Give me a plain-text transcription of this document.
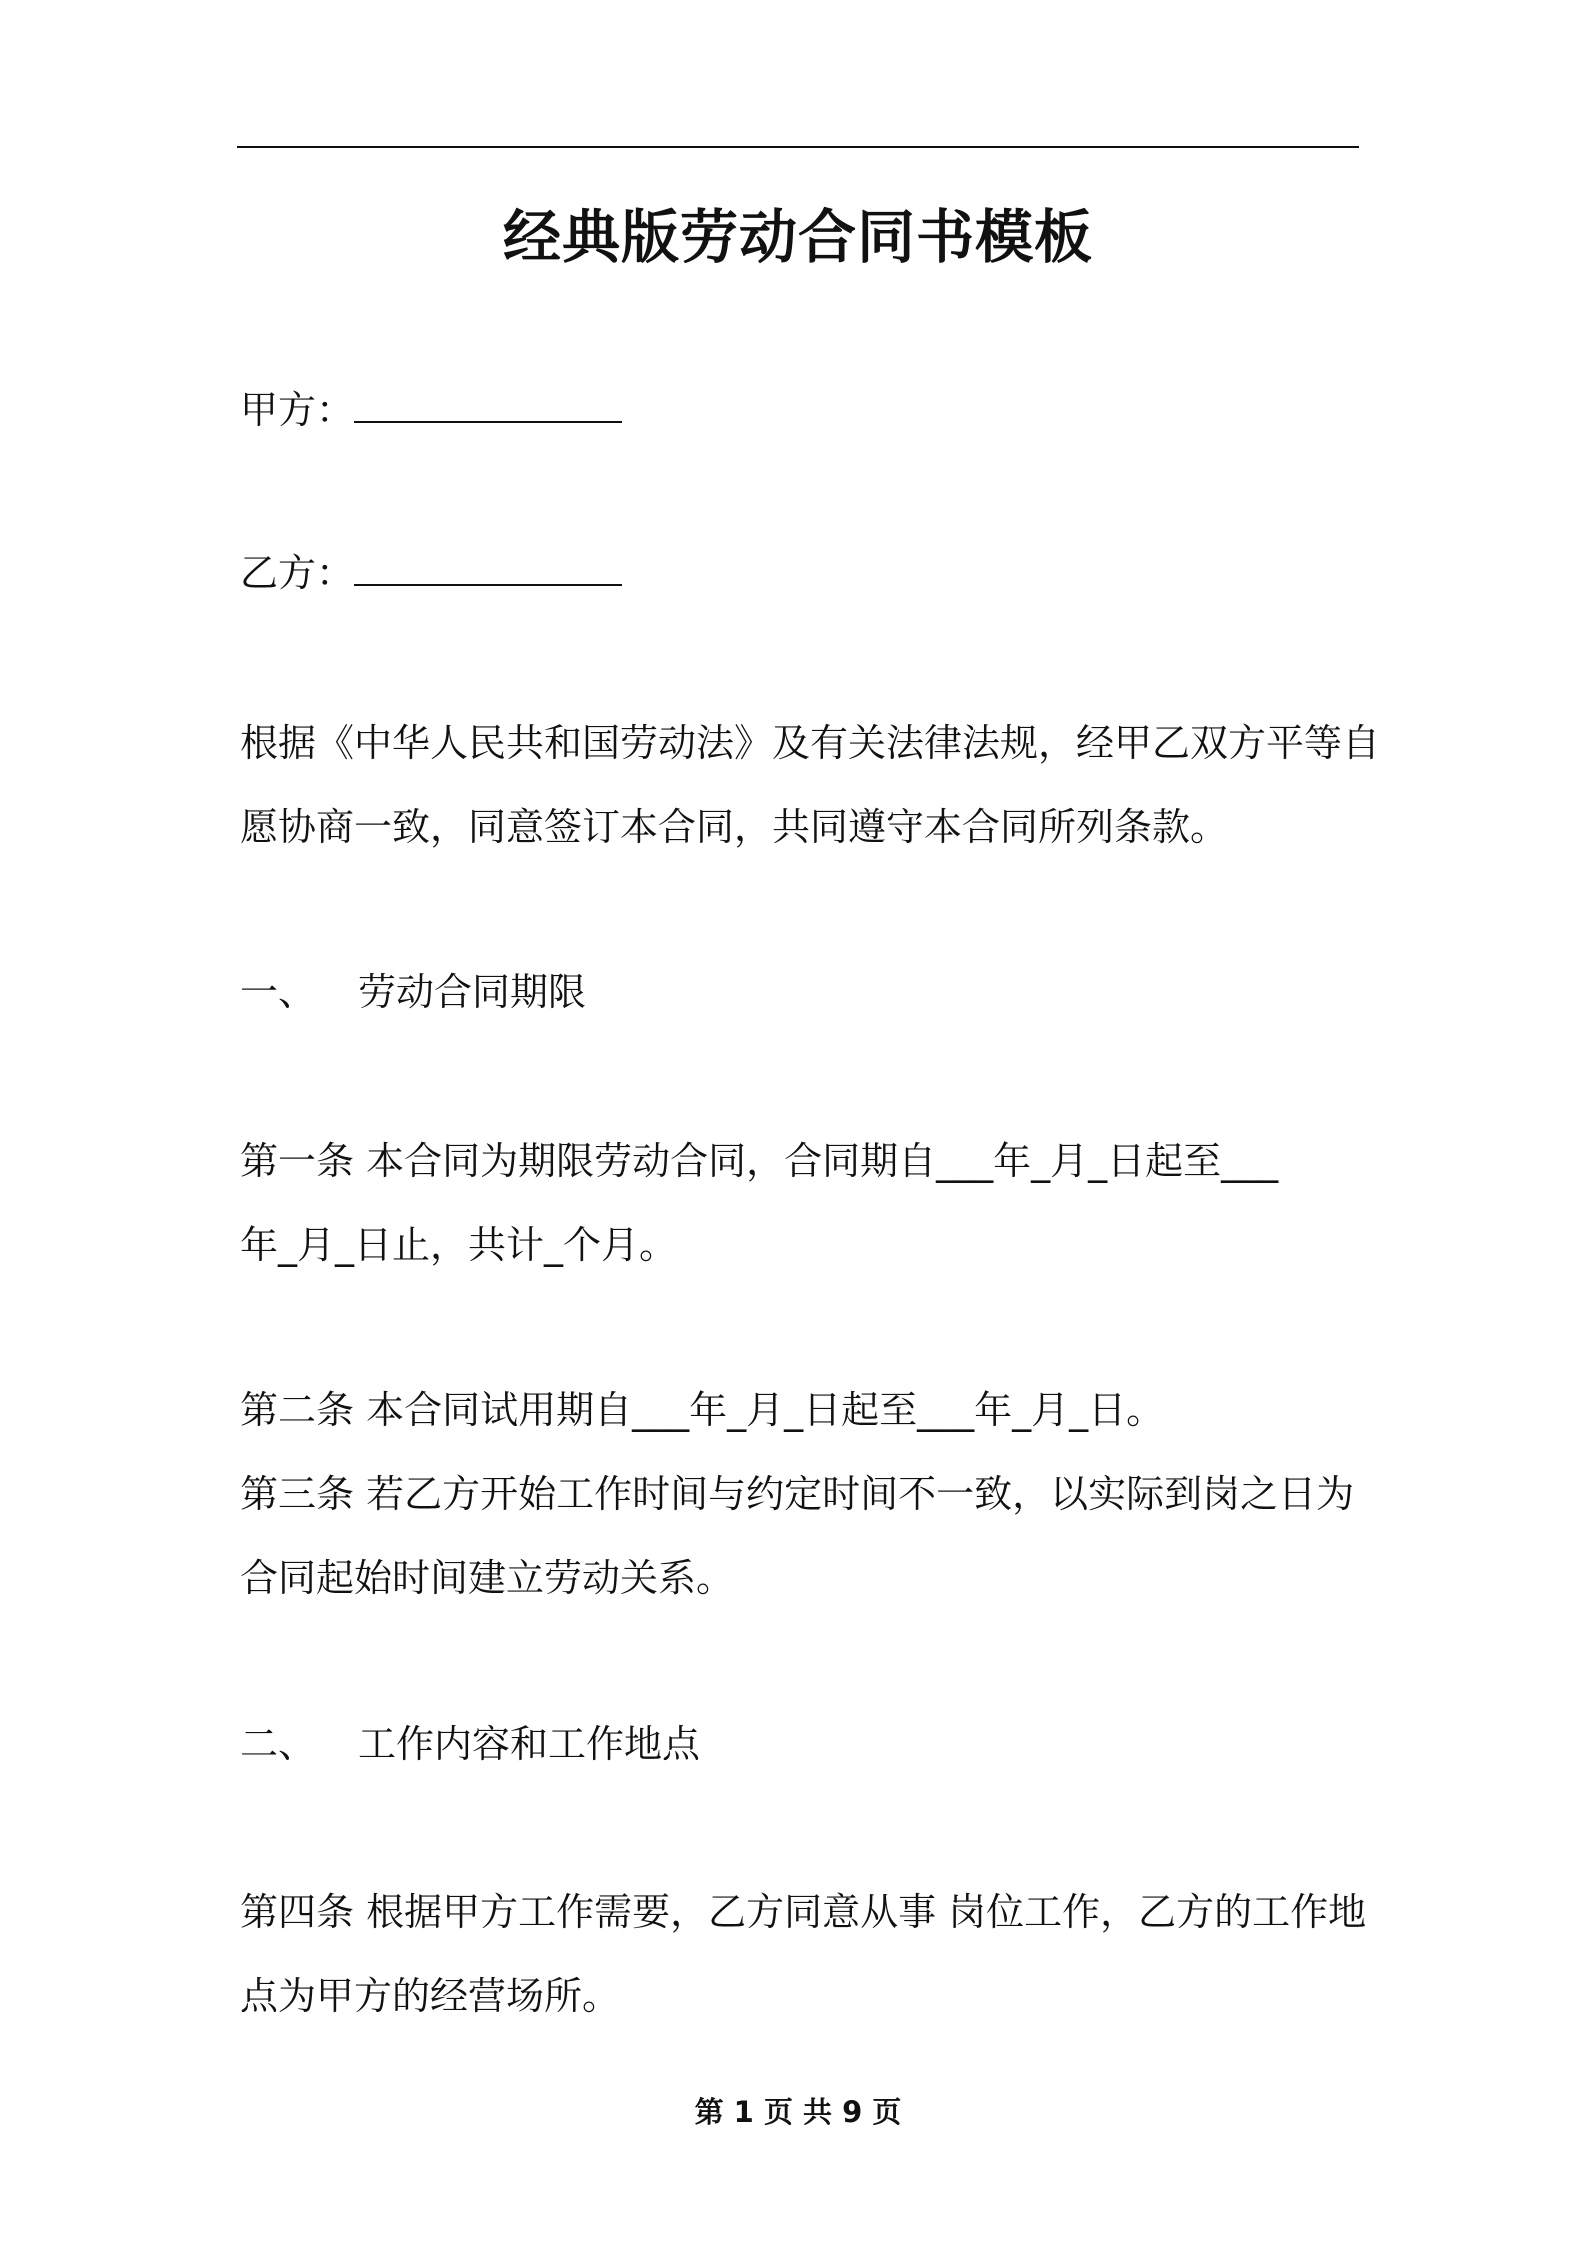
经典版劳动合同书模板
甲方：
乙方：
根据《中华人民共和国劳动法》及有关法律法规，经甲乙双方平等自
愿协商一致，同意签订本合同，共同遵守本合同所列条款。
一、 劳动合同期限
第一条 本合同为期限劳动合同，合同期自___年_月_日起至___
年_月_日止，共计_个月。
第二条 本合同试用期自___年_月_日起至___年_月_日。
第三条 若乙方开始工作时间与约定时间不一致，以实际到岗之日为
合同起始时间建立劳动关系。
二、 工作内容和工作地点
第四条 根据甲方工作需要，乙方同意从事 岗位工作，乙方的工作地
点为甲方的经营场所。
第 1 页 共 9 页
